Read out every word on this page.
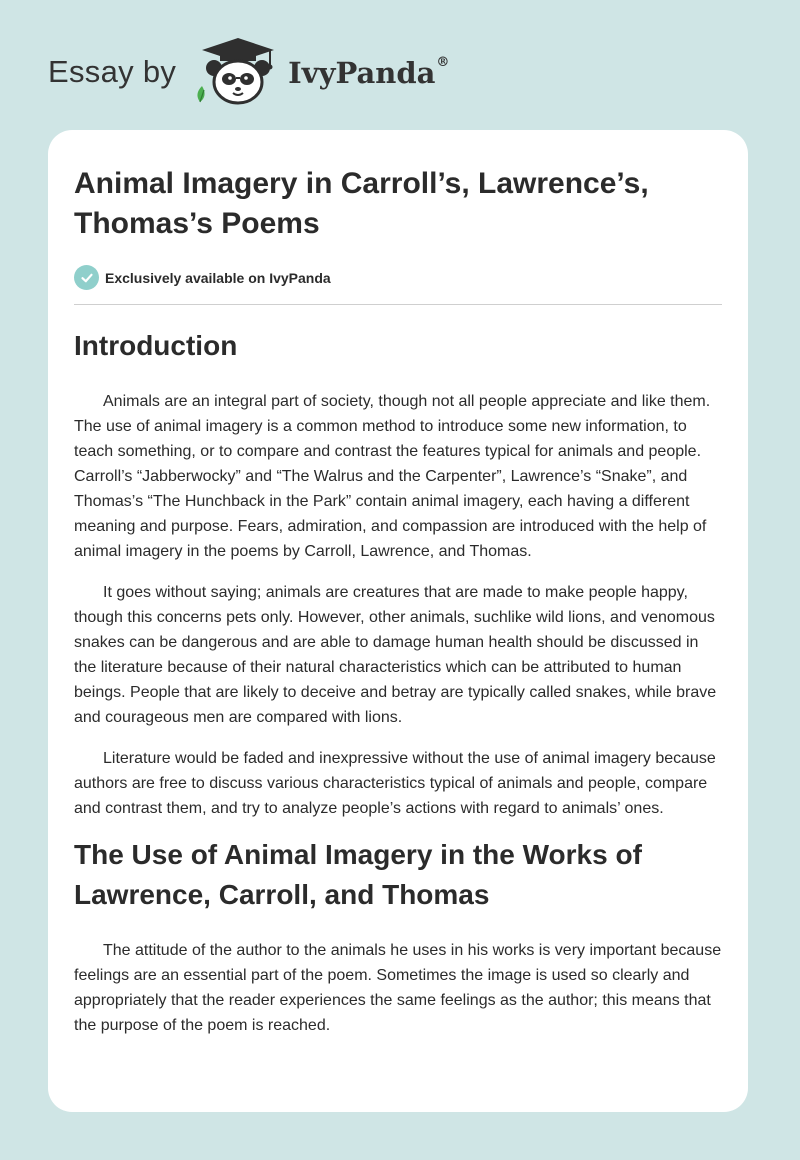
Essay by	IvyPanda®
Animal Imagery in Carroll’s, Lawrence’s, Thomas’s Poems
Exclusively available on IvyPanda
Introduction

Animals are an integral part of society, though not all people appreciate and like them. The use of animal imagery is a common method to introduce some new information, to teach something, or to compare and contrast the features typical for animals and people. Carroll’s “Jabberwocky” and “The Walrus and the Carpenter”, Lawrence’s “Snake”, and Thomas’s “The Hunchback in the Park” contain animal imagery, each having a different meaning and purpose. Fears, admiration, and compassion are introduced with the help of animal imagery in the poems by Carroll, Lawrence, and Thomas.

It goes without saying; animals are creatures that are made to make people happy, though this concerns pets only. However, other animals, suchlike wild lions, and venomous snakes can be dangerous and are able to damage human health should be discussed in the literature because of their natural characteristics which can be attributed to human beings. People that are likely to deceive and betray are typically called snakes, while brave and courageous men are compared with lions.

Literature would be faded and inexpressive without the use of animal imagery because authors are free to discuss various characteristics typical of animals and people, compare and contrast them, and try to analyze people’s actions with regard to animals’ ones.

The Use of Animal Imagery in the Works of Lawrence, Carroll, and Thomas

The attitude of the author to the animals he uses in his works is very important because feelings are an essential part of the poem. Sometimes the image is used so clearly and appropriately that the reader experiences the same feelings as the author; this means that the purpose of the poem is reached.
